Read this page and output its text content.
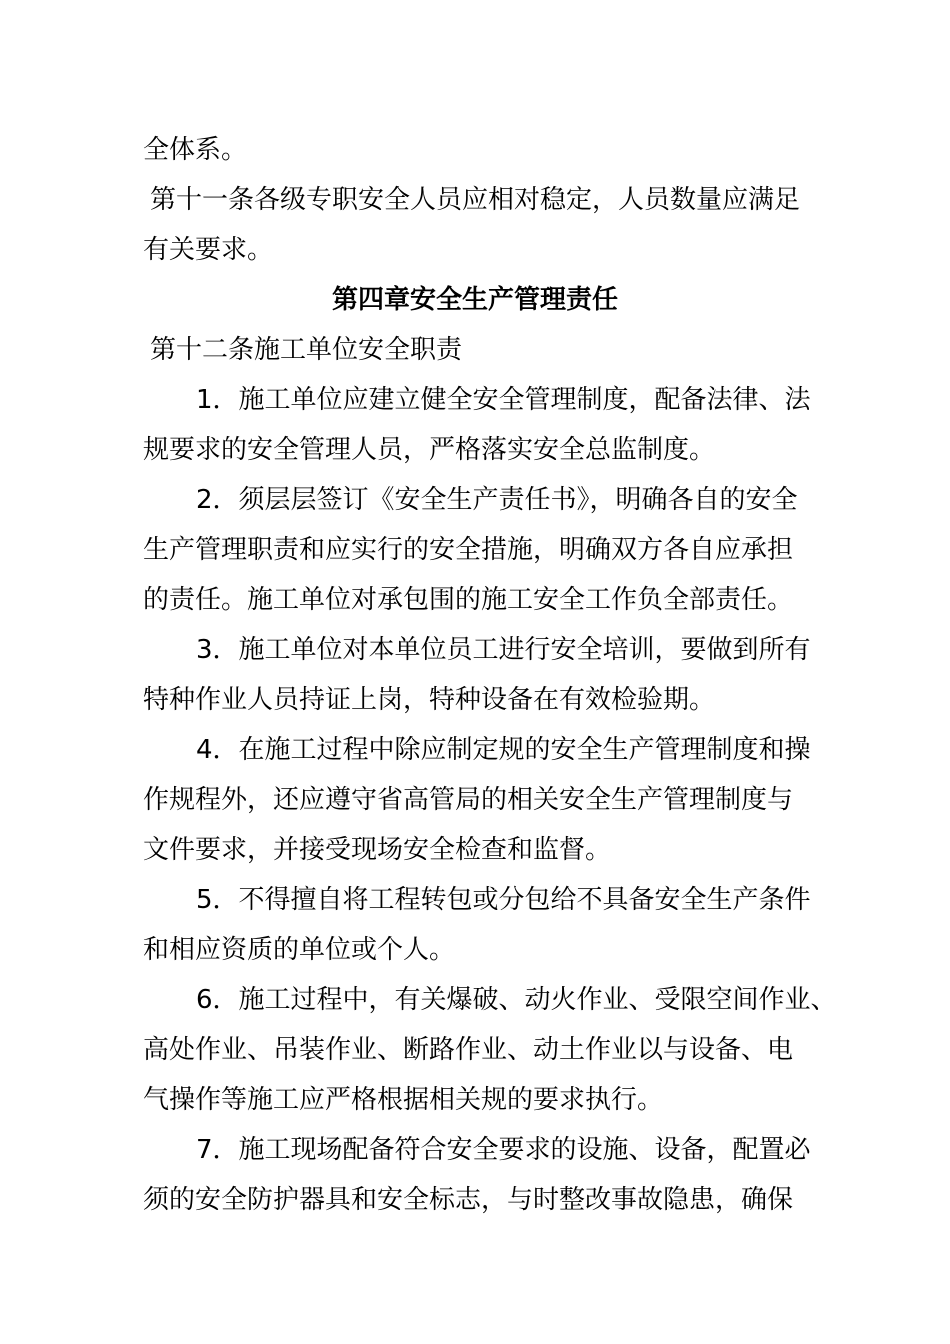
全体系。
第十一条各级专职安全人员应相对稳定，人员数量应满足
有关要求。
第四章安全生产管理责任
第十二条施工单位安全职责
1．施工单位应建立健全安全管理制度，配备法律、法
规要求的安全管理人员，严格落实安全总监制度。
2．须层层签订《安全生产责任书》，明确各自的安全
生产管理职责和应实行的安全措施，明确双方各自应承担
的责任。施工单位对承包围的施工安全工作负全部责任。
3．施工单位对本单位员工进行安全培训，要做到所有
特种作业人员持证上岗，特种设备在有效检验期。
4．在施工过程中除应制定规的安全生产管理制度和操
作规程外，还应遵守省高管局的相关安全生产管理制度与
文件要求，并接受现场安全检查和监督。
5．不得擅自将工程转包或分包给不具备安全生产条件
和相应资质的单位或个人。
6．施工过程中，有关爆破、动火作业、受限空间作业、
高处作业、吊装作业、断路作业、动土作业以与设备、电
气操作等施工应严格根据相关规的要求执行。
7．施工现场配备符合安全要求的设施、设备，配置必
须的安全防护器具和安全标志，与时整改事故隐患，确保
